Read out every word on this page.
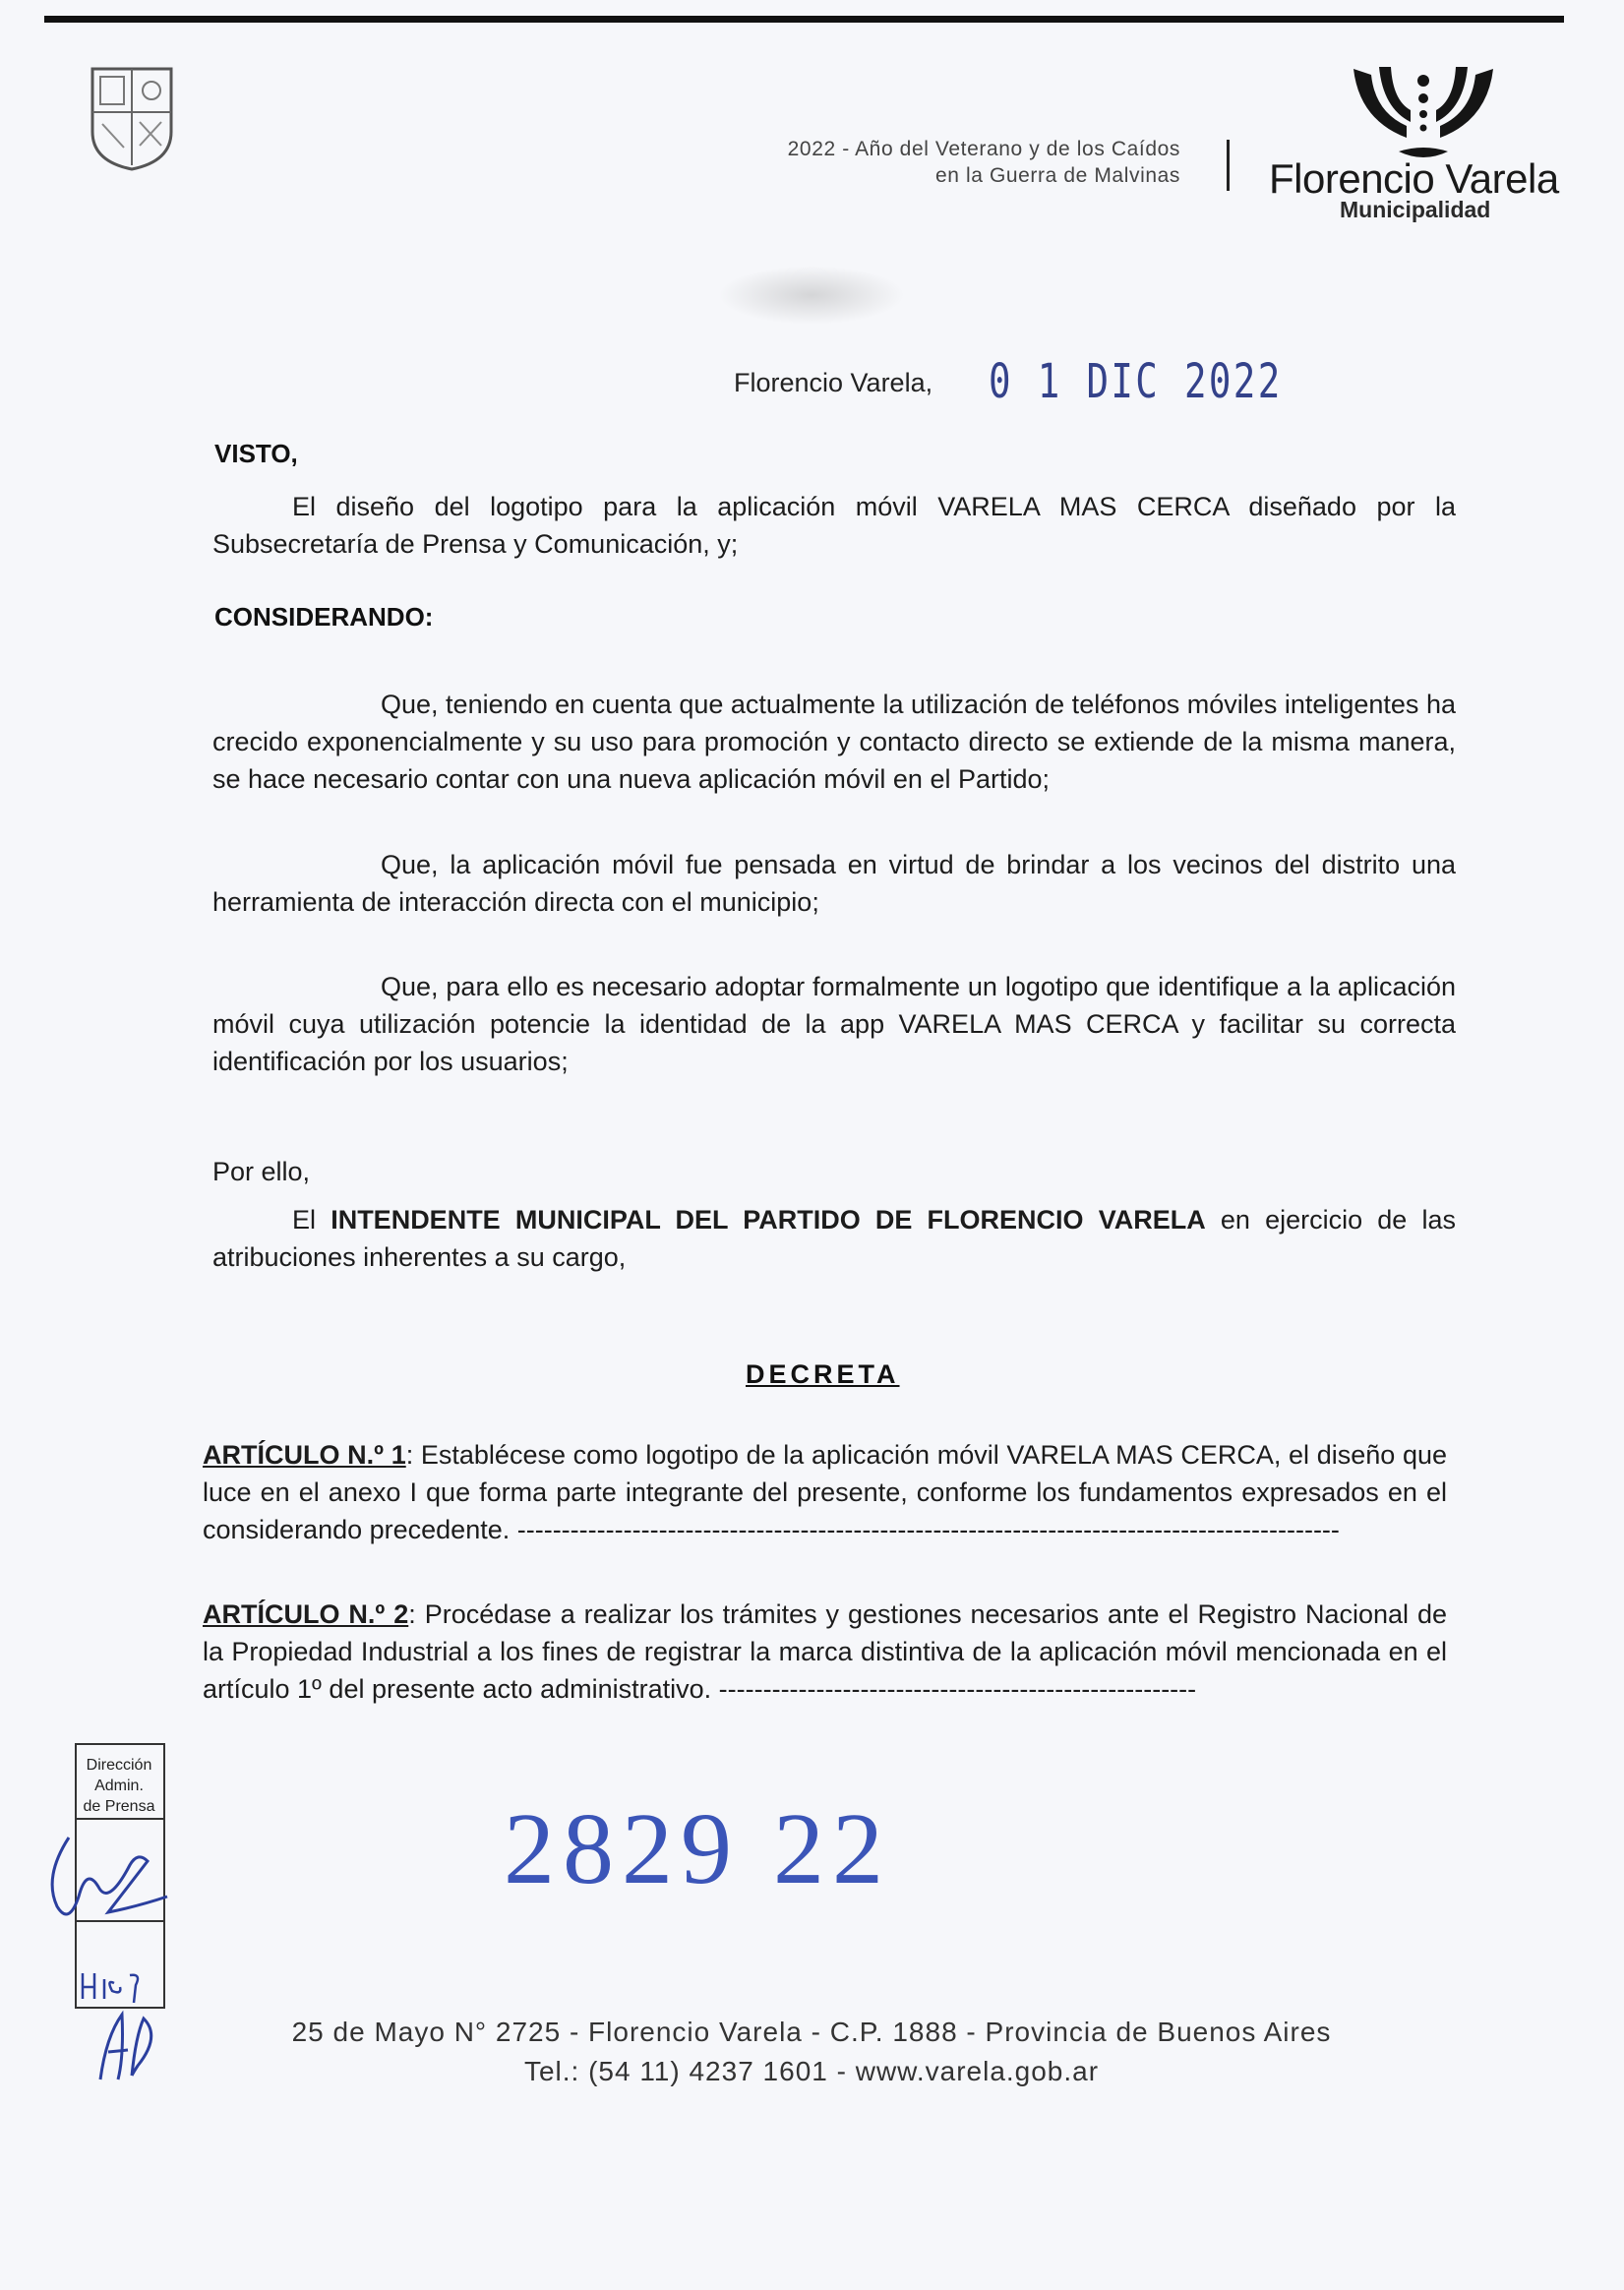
2022 - Año del Veterano y de los Caídos
en la Guerra de Malvinas Florencio Varela
Municipalidad
Florencio Varela, 0 1 DIC 2022
VISTO,
El diseño del logotipo para la aplicación móvil VARELA MAS CERCA diseñado por la Subsecretaría de Prensa y Comunicación, y;
CONSIDERANDO:
Que, teniendo en cuenta que actualmente la utilización de teléfonos móviles inteligentes ha crecido exponencialmente y su uso para promoción y contacto directo se extiende de la misma manera, se hace necesario contar con una nueva aplicación móvil en el Partido;
Que, la aplicación móvil fue pensada en virtud de brindar a los vecinos del distrito una herramienta de interacción directa con el municipio;
Que, para ello es necesario adoptar formalmente un logotipo que identifique a la aplicación móvil cuya utilización potencie la identidad de la app VARELA MAS CERCA y facilitar su correcta identificación por los usuarios;
Por ello,
El INTENDENTE MUNICIPAL DEL PARTIDO DE FLORENCIO VARELA en ejercicio de las atribuciones inherentes a su cargo,
DECRETA
ARTÍCULO N.º 1: Establécese como logotipo de la aplicación móvil VARELA MAS CERCA, el diseño que luce en el anexo I que forma parte integrante del presente, conforme los fundamentos expresados en el considerando precedente. ---------------------------------------------------------------------------------------------
ARTÍCULO N.º 2: Procédase a realizar los trámites y gestiones necesarios ante el Registro Nacional de la Propiedad Industrial a los fines de registrar la marca distintiva de la aplicación móvil mencionada en el artículo 1º del presente acto administrativo. ------------------------------------------------------
Dirección
Admin.
de Prensa	2829 22
25 de Mayo N° 2725 - Florencio Varela - C.P. 1888 - Provincia de Buenos Aires
Tel.: (54 11) 4237 1601 - www.varela.gob.ar
